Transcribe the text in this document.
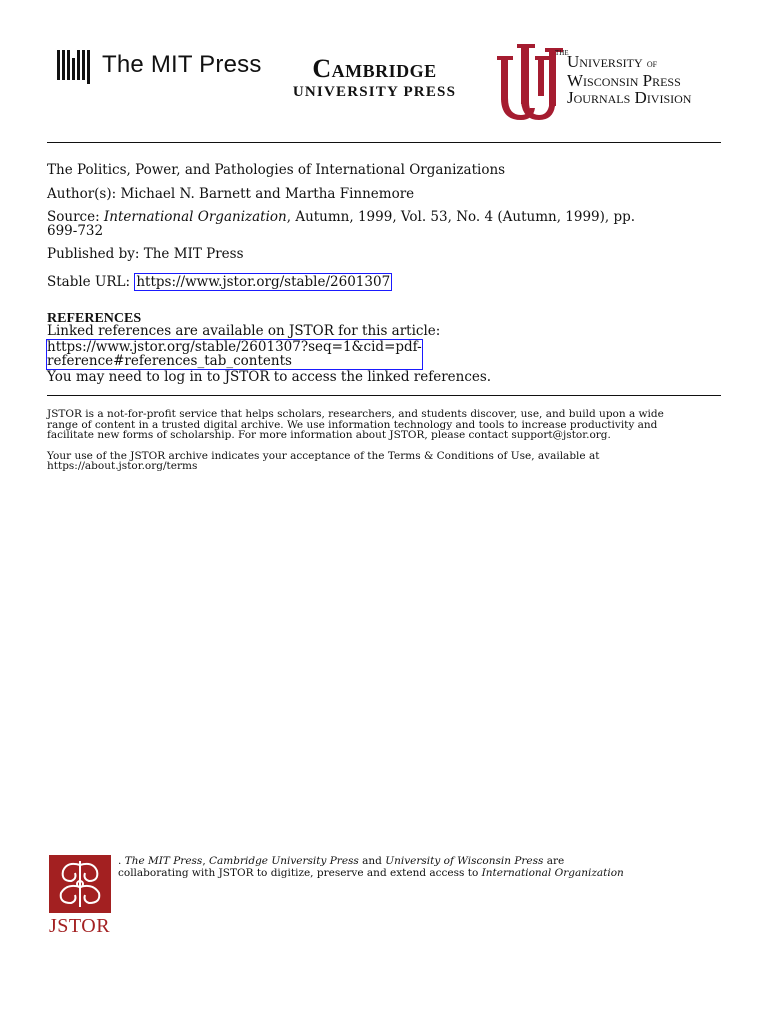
The MIT Press	Cambridge
UNIVERSITY PRESS
THE
University of
Wisconsin Press
Journals Division
The Politics, Power, and Pathologies of International Organizations
Author(s): Michael N. Barnett and Martha Finnemore
Source: International Organization, Autumn, 1999, Vol. 53, No. 4 (Autumn, 1999), pp.
699-732
Published by: The MIT Press
Stable URL: https://www.jstor.org/stable/2601307
REFERENCES
Linked references are available on JSTOR for this article:
https://www.jstor.org/stable/2601307?seq=1&cid=pdf-
reference#references_tab_contents
You may need to log in to JSTOR to access the linked references.

JSTOR is a not-for-profit service that helps scholars, researchers, and students discover, use, and build upon a wide
range of content in a trusted digital archive. We use information technology and tools to increase productivity and
facilitate new forms of scholarship. For more information about JSTOR, please contact support@jstor.org.

Your use of the JSTOR archive indicates your acceptance of the Terms & Conditions of Use, available at
https://about.jstor.org/terms

JSTOR
. The MIT Press, Cambridge University Press and University of Wisconsin Press are
collaborating with JSTOR to digitize, preserve and extend access to International Organization
